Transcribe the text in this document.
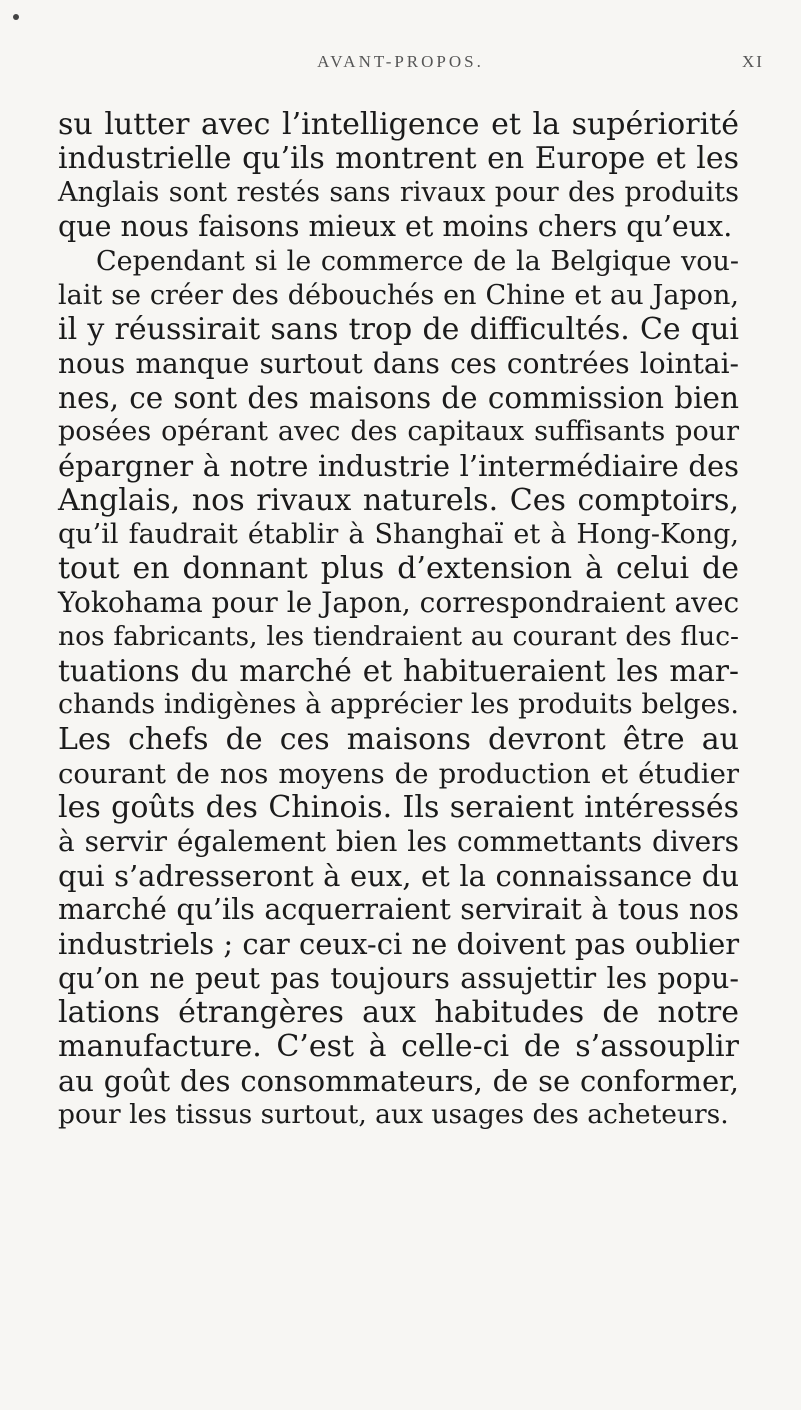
AVANT-PROPOS.	XI
su lutter avec l’intelligence et la supériorité
industrielle qu’ils montrent en Europe et les
Anglais sont restés sans rivaux pour des produits
que nous faisons mieux et moins chers qu’eux.
Cependant si le commerce de la Belgique vou-
lait se créer des débouchés en Chine et au Japon,
il y réussirait sans trop de difficultés. Ce qui
nous manque surtout dans ces contrées lointai-
nes, ce sont des maisons de commission bien
posées opérant avec des capitaux suffisants pour
épargner à notre industrie l’intermédiaire des
Anglais, nos rivaux naturels. Ces comptoirs,
qu’il faudrait établir à Shanghaï et à Hong-Kong,
tout en donnant plus d’extension à celui de
Yokohama pour le Japon, correspondraient avec
nos fabricants, les tiendraient au courant des fluc-
tuations du marché et habitueraient les mar-
chands indigènes à apprécier les produits belges.
Les chefs de ces maisons devront être au
courant de nos moyens de production et étudier
les goûts des Chinois. Ils seraient intéressés
à servir également bien les commettants divers
qui s’adresseront à eux, et la connaissance du
marché qu’ils acquerraient servirait à tous nos
industriels ; car ceux-ci ne doivent pas oublier
qu’on ne peut pas toujours assujettir les popu-
lations étrangères aux habitudes de notre
manufacture. C’est à celle-ci de s’assouplir
au goût des consommateurs, de se conformer,
pour les tissus surtout, aux usages des acheteurs.
